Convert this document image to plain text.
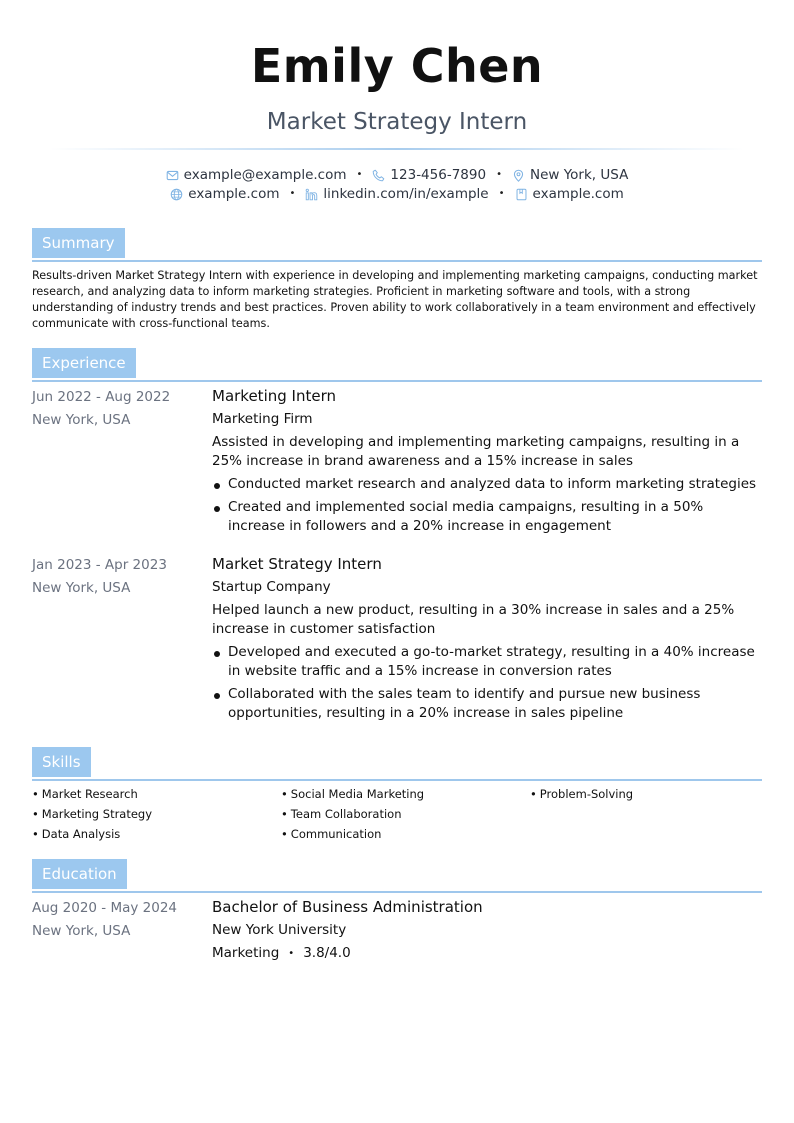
Emily Chen
Market Strategy Intern
example@example.com • 123-456-7890 • New York, USA
example.com • linkedin.com/in/example • example.com
Summary
Results-driven Market Strategy Intern with experience in developing and implementing marketing campaigns, conducting market research, and analyzing data to inform marketing strategies. Proficient in marketing software and tools, with a strong understanding of industry trends and best practices. Proven ability to work collaboratively in a team environment and effectively communicate with cross-functional teams.
Experience
Jun 2022 - Aug 2022
New York, USA
Marketing Intern
Marketing Firm
Assisted in developing and implementing marketing campaigns, resulting in a 25% increase in brand awareness and a 15% increase in sales
Conducted market research and analyzed data to inform marketing strategies
Created and implemented social media campaigns, resulting in a 50% increase in followers and a 20% increase in engagement
Jan 2023 - Apr 2023
New York, USA
Market Strategy Intern
Startup Company
Helped launch a new product, resulting in a 30% increase in sales and a 25% increase in customer satisfaction
Developed and executed a go-to-market strategy, resulting in a 40% increase in website traffic and a 15% increase in conversion rates
Collaborated with the sales team to identify and pursue new business opportunities, resulting in a 20% increase in sales pipeline
Skills
• Market Research	• Social Media Marketing	• Problem-Solving
• Marketing Strategy	• Team Collaboration
• Data Analysis	• Communication
Education
Aug 2020 - May 2024
New York, USA
Bachelor of Business Administration
New York University
Marketing • 3.8/4.0
